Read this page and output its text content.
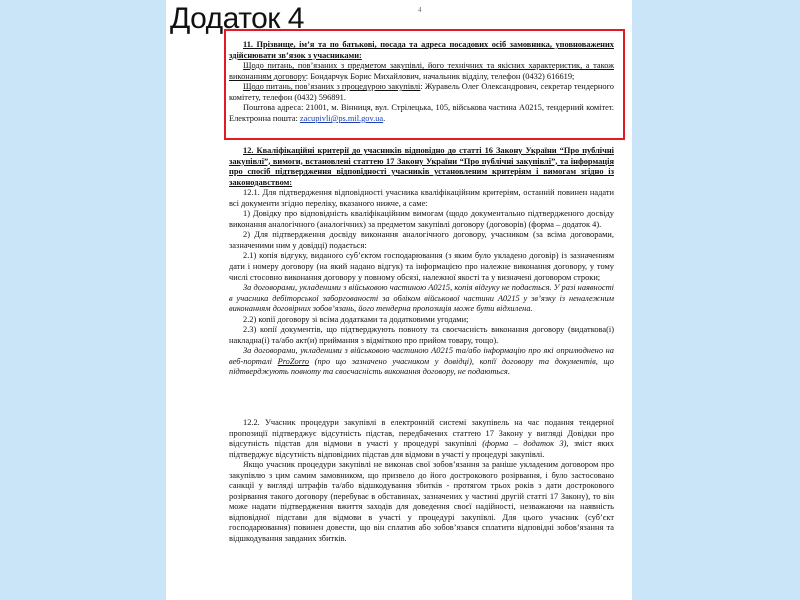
Додаток 4	4

11. Прізвище, ім’я та по батькові, посада та адреса посадових осіб замовника, уповноважених здійснювати зв’язок з учасниками:

Щодо питань, пов’язаних з предметом закупівлі, його технічних та якісних характеристик, а також виконанням договору: Бондарчук Борис Михайлович, начальник відділу, телефон (0432) 616619;

Щодо питань, пов’язаних з процедурою закупівлі: Журавель Олег Олександрович, секретар тендерного комітету, телефон (0432) 596891.

Поштова адреса: 21001, м. Вінниця, вул. Стрілецька, 105, військова частина А0215, тендерний комітет. Електронна пошта: zacupivli@ps.mil.gov.ua.

12. Кваліфікаційні критерії до учасників відповідно до статті 16 Закону України “Про публічні закупівлі”, вимоги, встановлені статтею 17 Закону України “Про публічні закупівлі”, та інформація про спосіб підтвердження відповідності учасників установленим критеріям і вимогам згідно із законодавством:

12.1. Для підтвердження відповідності учасника кваліфікаційним критеріям, останній повинен надати всі документи згідно переліку, вказаного нижче, а саме:

1) Довідку про відповідність кваліфікаційним вимогам (щодо документально підтвердженого досвіду виконання аналогічного (аналогічних) за предметом закупівлі договору (договорів) (форма – додаток 4).

2) Для підтвердження досвіду виконання аналогічного договору, учасником (за всіма договорами, зазначеними ним у довідці) подається:

2.1) копія відгуку, виданого суб’єктом господарювання (з яким було укладено договір) із зазначенням дати і номеру договору (на який надано відгук) та інформацією про належне виконання договору, у тому числі стосовно виконання договору у повному обсязі, належної якості та у визначені договором строки;

За договорами, укладеними з військовою частиною А0215, копія відгуку не подається. У разі наявності в учасника дебіторської заборгованості за обліком військової частини А0215 у зв’язку із неналежним виконанням договірних зобов’язань, його тендерна пропозиція може бути відхилена.

2.2) копії договору зі всіма додатками та додатковими угодами;

2.3) копії документів, що підтверджують повноту та своєчасність виконання договору (видаткова(і) накладна(і) та/або акт(и) приймання з відміткою про прийом товару, тощо).

За договорами, укладеними з військовою частиною А0215 та/або інформацію про які оприлюднено на веб-порталі ProZorro (про що зазначено учасником у довідці), копії договору та документів, що підтверджують повноту та своєчасність виконання договору, не подаються.

12.2. Учасник процедури закупівлі в електронній системі закупівель на час подання тендерної пропозиції підтверджує відсутність підстав, передбачених статтею 17 Закону у вигляді Довідки про відсутність підстав для відмови в участі у процедурі закупівлі (форма – додаток 3), зміст яких підтверджує відсутність відповідних підстав для відмови в участі у процедурі закупівлі.

Якщо учасник процедури закупівлі не виконав свої зобов’язання за раніше укладеним договором про закупівлю з цим самим замовником, що призвело до його дострокового розірвання, і було застосовано санкції у вигляді штрафів та/або відшкодування збитків - протягом трьох років з дати дострокового розірвання такого договору (перебуває в обставинах, зазначених у частині другій статті 17 Закону), то він може надати підтвердження вжиття заходів для доведення своєї надійності, незважаючи на наявність відповідної підстави для відмови в участі у процедурі закупівлі. Для цього учасник (суб’єкт господарювання) повинен довести, що він сплатив або зобов’язався сплатити відповідні зобов’язання та відшкодування завданих збитків.
